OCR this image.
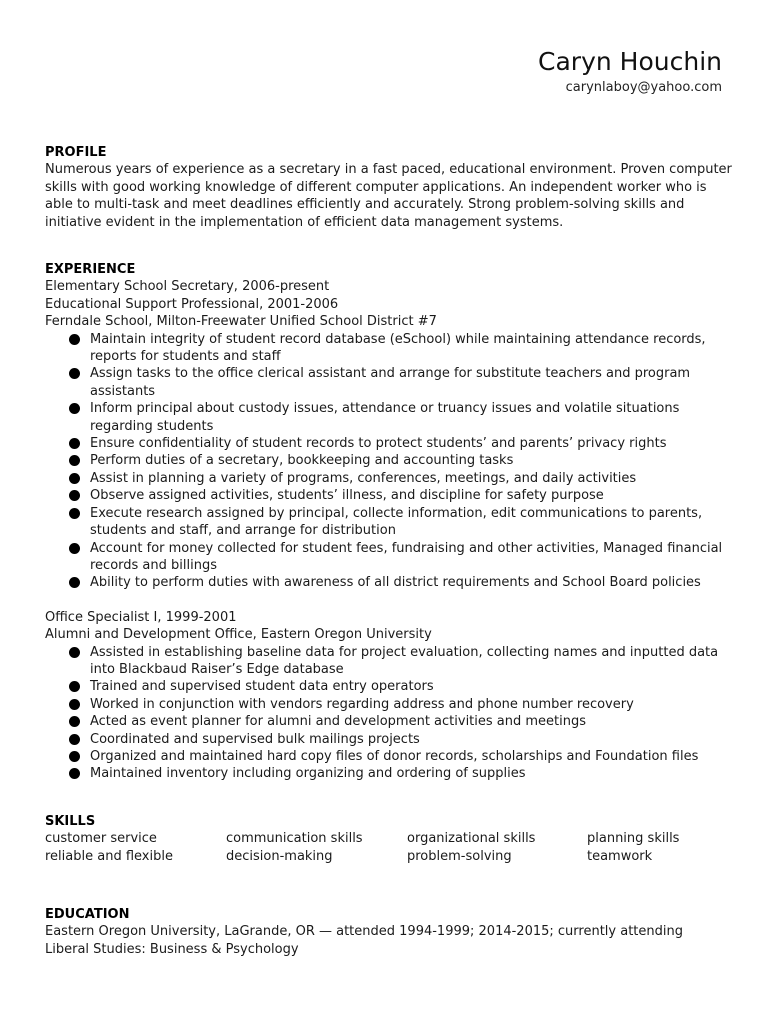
Caryn Houchin
carynlaboy@yahoo.com
PROFILE
Numerous years of experience as a secretary in a fast paced, educational environment. Proven computer
skills with good working knowledge of different computer applications. An independent worker who is
able to multi-task and meet deadlines efficiently and accurately. Strong problem-solving skills and
initiative evident in the implementation of efficient data management systems.
EXPERIENCE
Elementary School Secretary, 2006-present
Educational Support Professional, 2001-2006
Ferndale School, Milton-Freewater Unified School District #7
Maintain integrity of student record database (eSchool) while maintaining attendance records,
reports for students and staff
Assign tasks to the office clerical assistant and arrange for substitute teachers and program
assistants
Inform principal about custody issues, attendance or truancy issues and volatile situations
regarding students
Ensure confidentiality of student records to protect students’ and parents’ privacy rights
Perform duties of a secretary, bookkeeping and accounting tasks
Assist in planning a variety of programs, conferences, meetings, and daily activities
Observe assigned activities, students’ illness, and discipline for safety purpose
Execute research assigned by principal, collecte information, edit communications to parents,
students and staff, and arrange for distribution
Account for money collected for student fees, fundraising and other activities, Managed financial
records and billings
Ability to perform duties with awareness of all district requirements and School Board policies
Office Specialist I, 1999-2001
Alumni and Development Office, Eastern Oregon University
Assisted in establishing baseline data for project evaluation, collecting names and inputted data
into Blackbaud Raiser’s Edge database
Trained and supervised student data entry operators
Worked in conjunction with vendors regarding address and phone number recovery
Acted as event planner for alumni and development activities and meetings
Coordinated and supervised bulk mailings projects
Organized and maintained hard copy files of donor records, scholarships and Foundation files
Maintained inventory including organizing and ordering of supplies
SKILLS
customer service	communication skills	organizational skills	planning skills
reliable and flexible	decision-making	problem-solving	teamwork
EDUCATION
Eastern Oregon University, LaGrande, OR — attended 1994-1999; 2014-2015; currently attending
Liberal Studies: Business & Psychology
